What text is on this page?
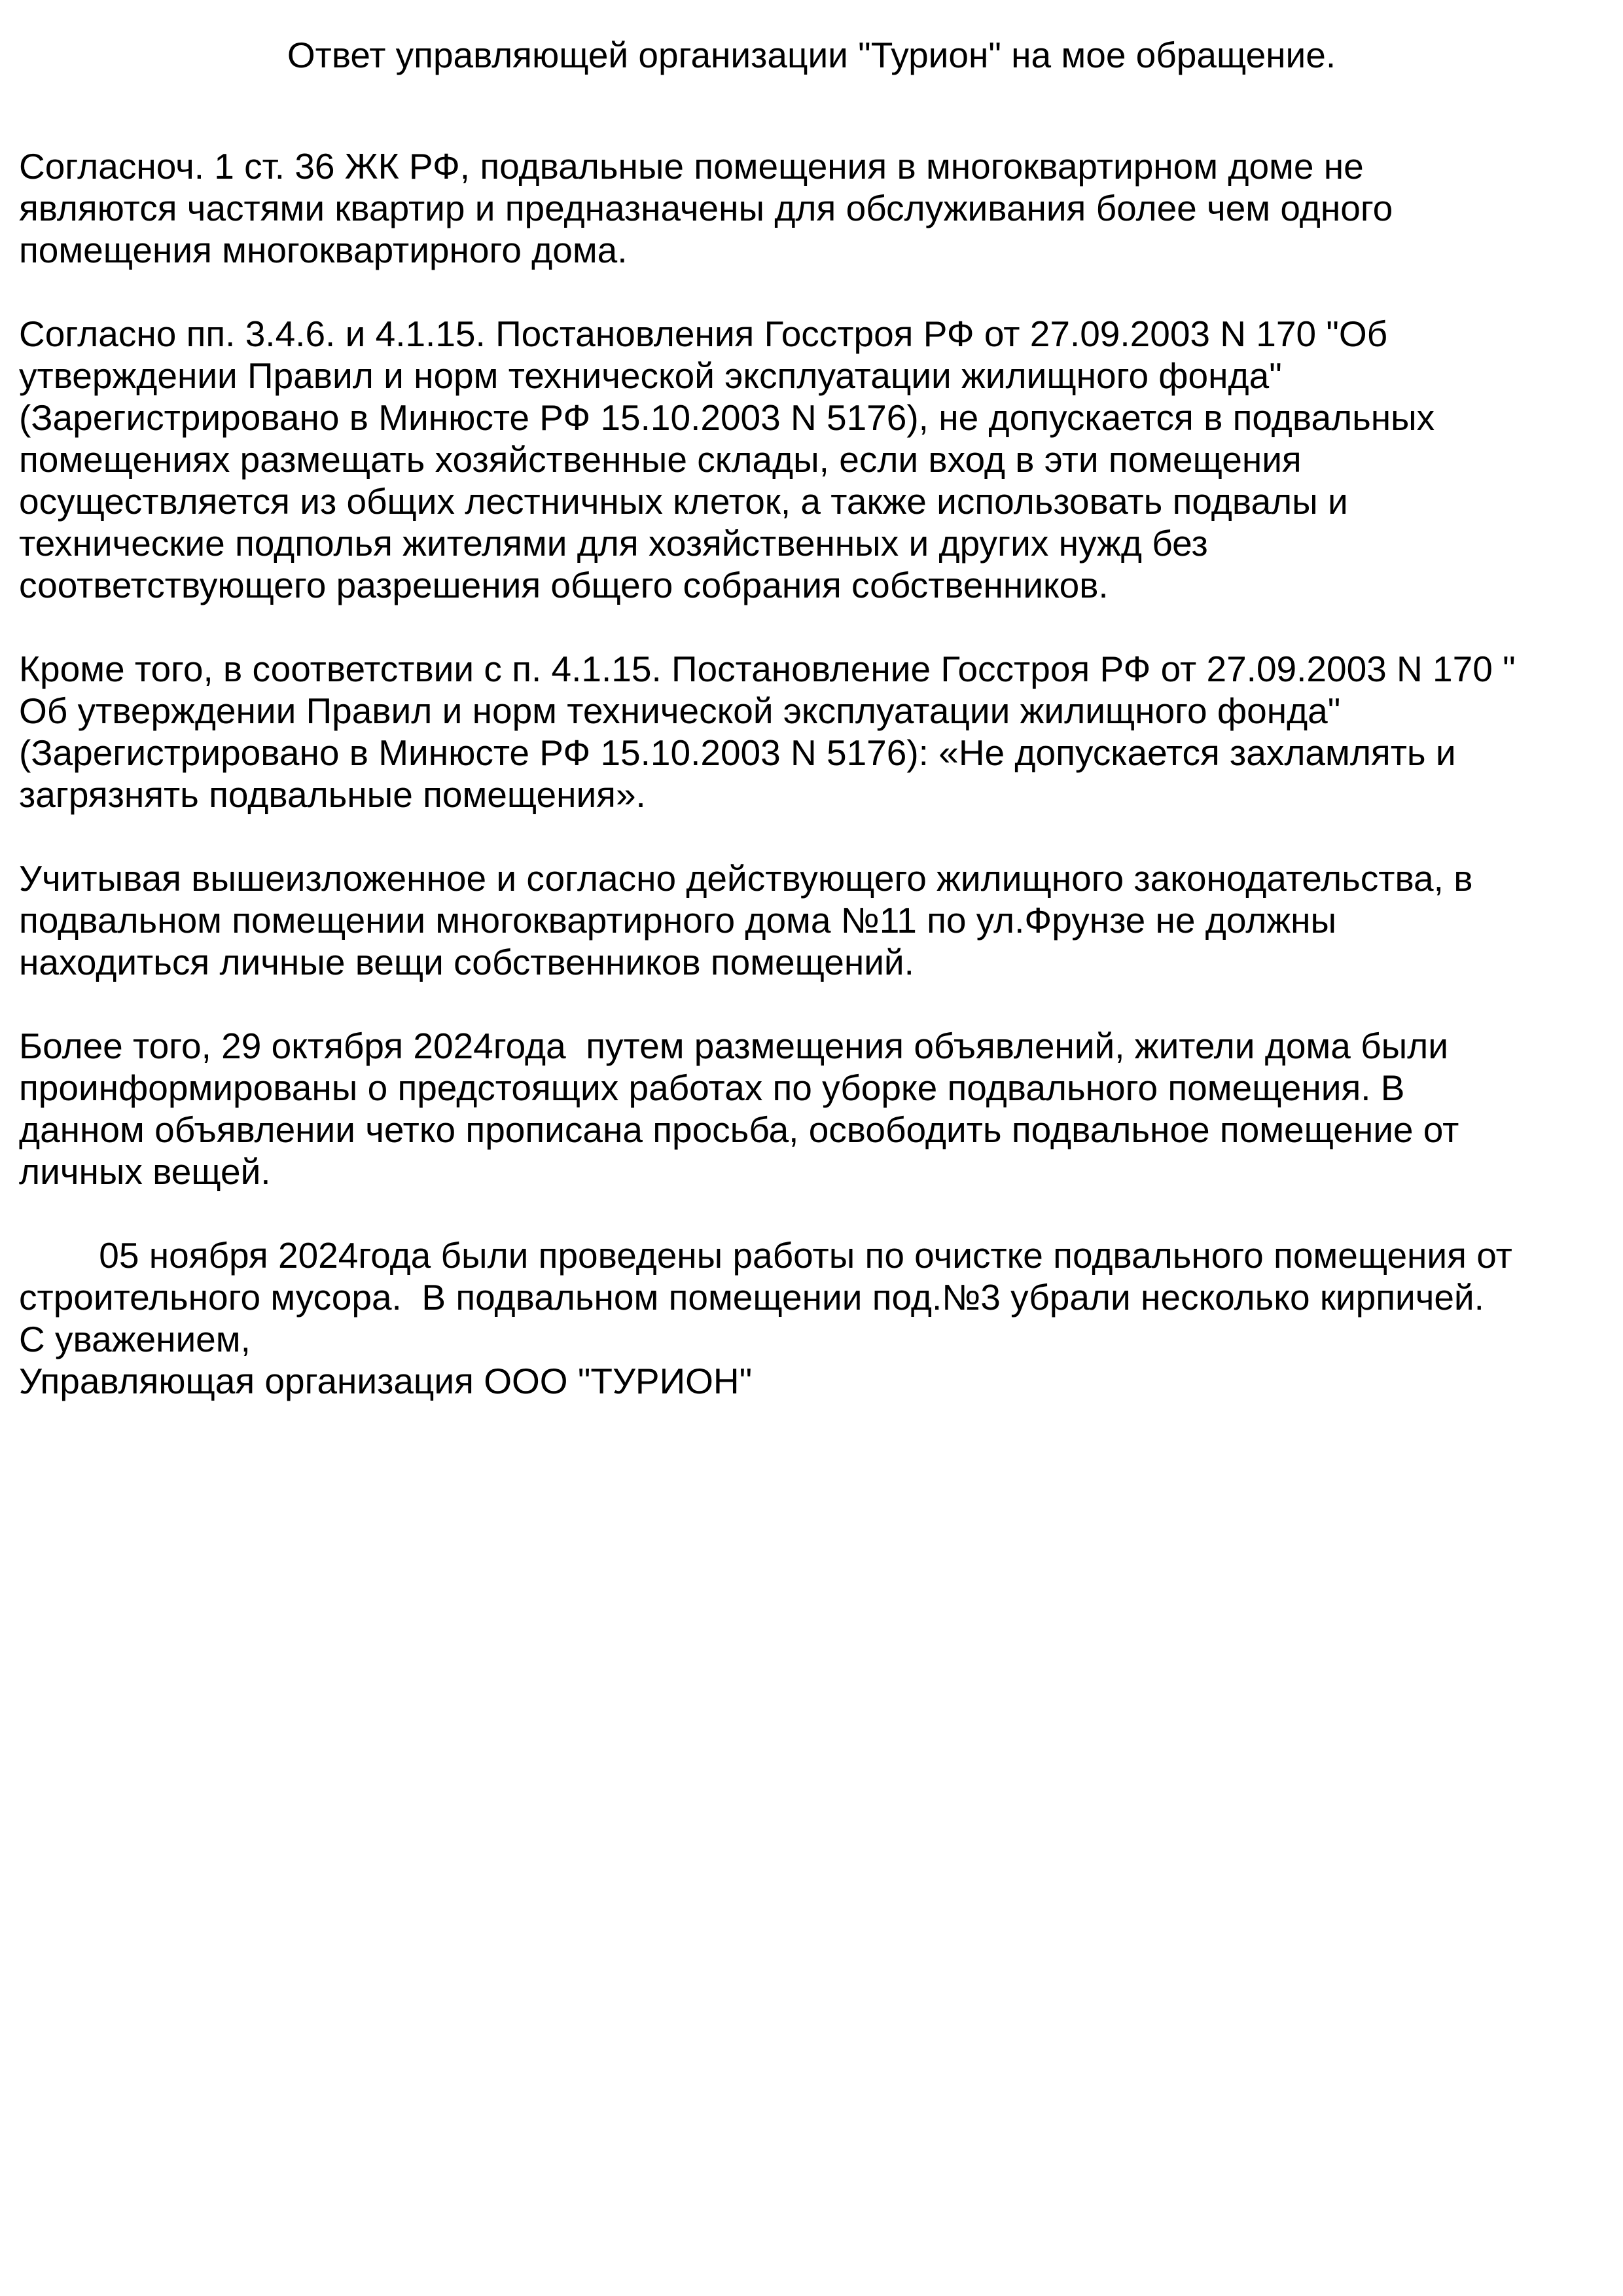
Ответ управляющей организации "Турион" на мое обращение.
Согласноч. 1 ст. 36 ЖК РФ, подвальные помещения в многоквартирном доме не
являются частями квартир и предназначены для обслуживания более чем одного
помещения многоквартирного дома.
Согласно пп. 3.4.6. и 4.1.15. Постановления Госстроя РФ от 27.09.2003 N 170 "Об
утверждении Правил и норм технической эксплуатации жилищного фонда"
(Зарегистрировано в Минюсте РФ 15.10.2003 N 5176), не допускается в подвальных
помещениях размещать хозяйственные склады, если вход в эти помещения
осуществляется из общих лестничных клеток, а также использовать подвалы и
технические подполья жителями для хозяйственных и других нужд без
соответствующего разрешения общего собрания собственников.
Кроме того, в соответствии с п. 4.1.15. Постановление Госстроя РФ от 27.09.2003 N 170 "
Об утверждении Правил и норм технической эксплуатации жилищного фонда"
(Зарегистрировано в Минюсте РФ 15.10.2003 N 5176): «Не допускается захламлять и
загрязнять подвальные помещения».
Учитывая вышеизложенное и согласно действующего жилищного законодательства, в
подвальном помещении многоквартирного дома №11 по ул.Фрунзе не должны
находиться личные вещи собственников помещений.
Более того, 29 октября 2024года  путем размещения объявлений, жители дома были
проинформированы о предстоящих работах по уборке подвального помещения. В
данном объявлении четко прописана просьба, освободить подвальное помещение от
личных вещей.
05 ноября 2024года были проведены работы по очистке подвального помещения от
строительного мусора.  В подвальном помещении под.№3 убрали несколько кирпичей.
С уважением,
Управляющая организация ООО "ТУРИОН"
